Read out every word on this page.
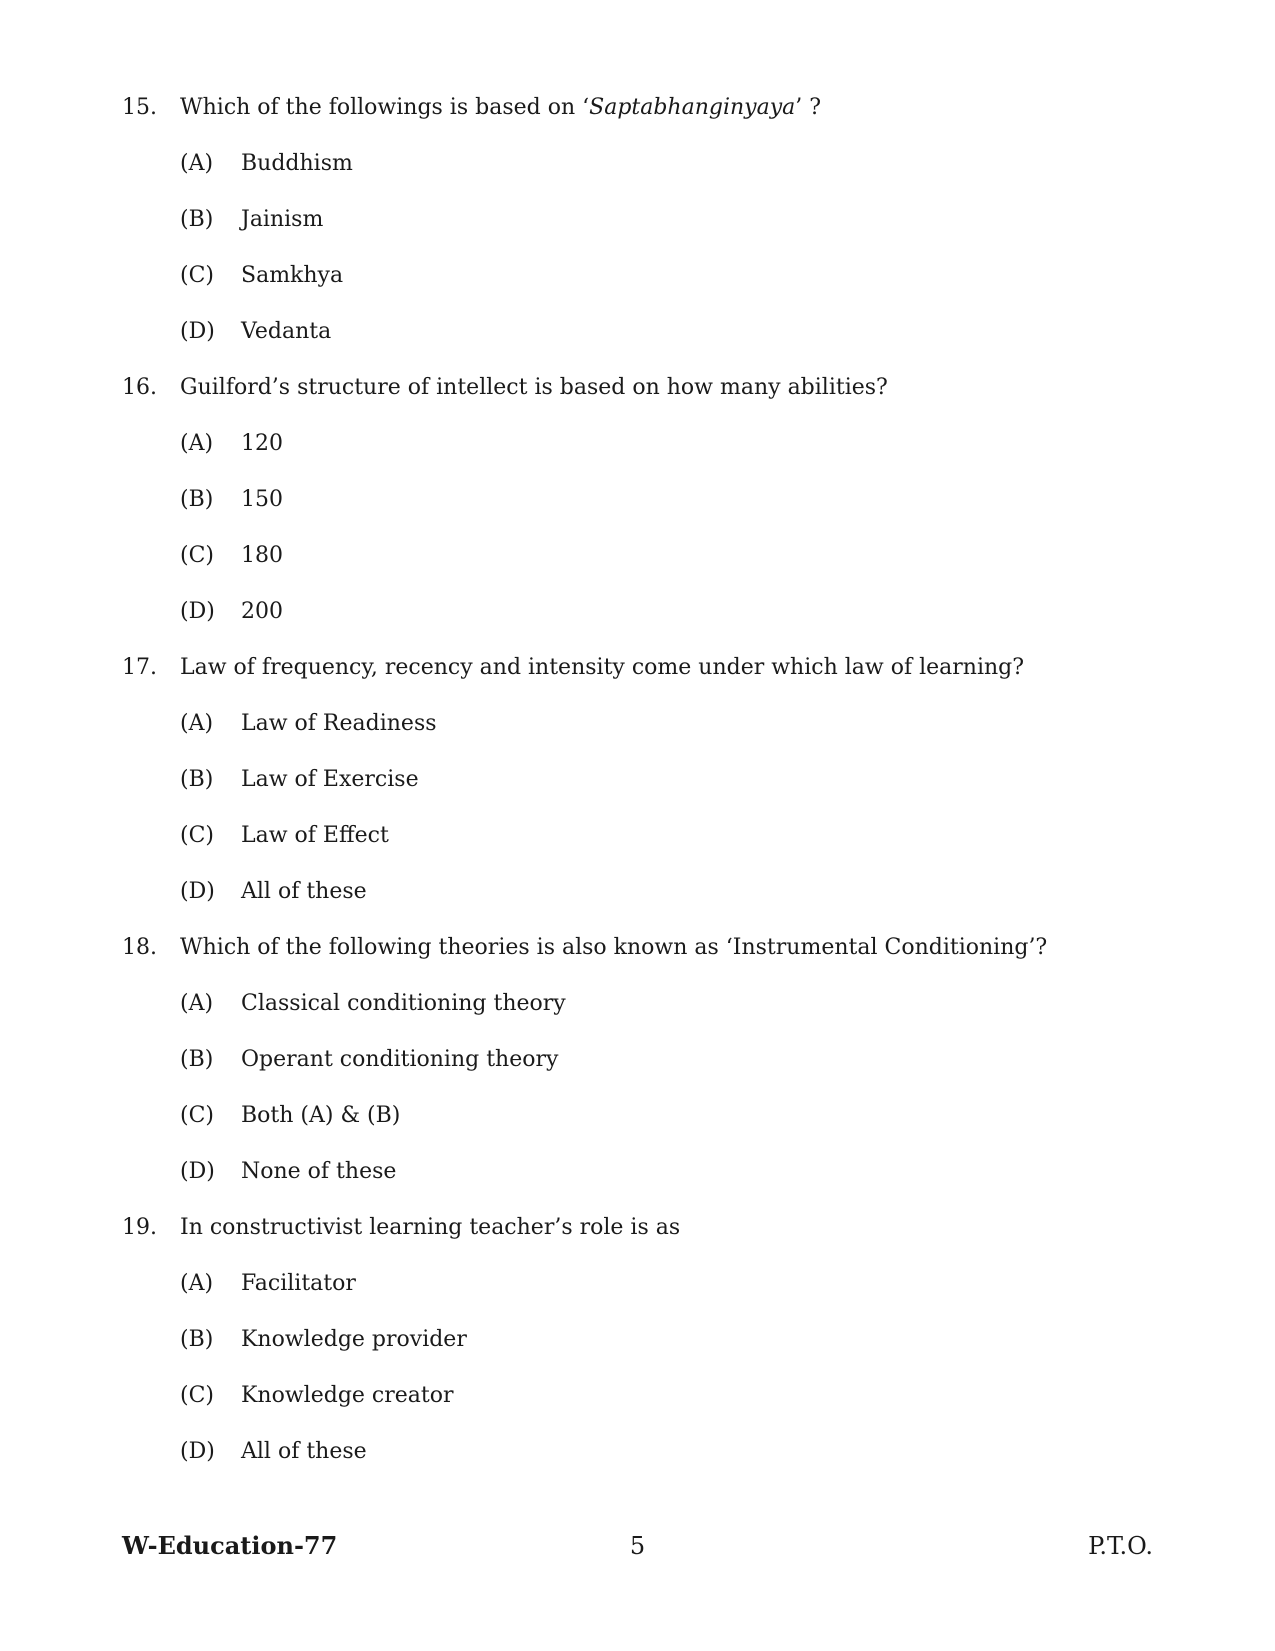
15.	Which of the followings is based on ‘Saptabhanginyaya’ ?
(A)	Buddhism
(B)	Jainism
(C)	Samkhya
(D)	Vedanta
16.	Guilford’s structure of intellect is based on how many abilities?
(A)	120
(B)	150
(C)	180
(D)	200
17.	Law of frequency, recency and intensity come under which law of learning?
(A)	Law of Readiness
(B)	Law of Exercise
(C)	Law of Effect
(D)	All of these
18.	Which of the following theories is also known as ‘Instrumental Conditioning’?
(A)	Classical conditioning theory
(B)	Operant conditioning theory
(C)	Both (A) & (B)
(D)	None of these
19.	In constructivist learning teacher’s role is as
(A)	Facilitator
(B)	Knowledge provider
(C)	Knowledge creator
(D)	All of these
W-Education-77	5	P.T.O.
